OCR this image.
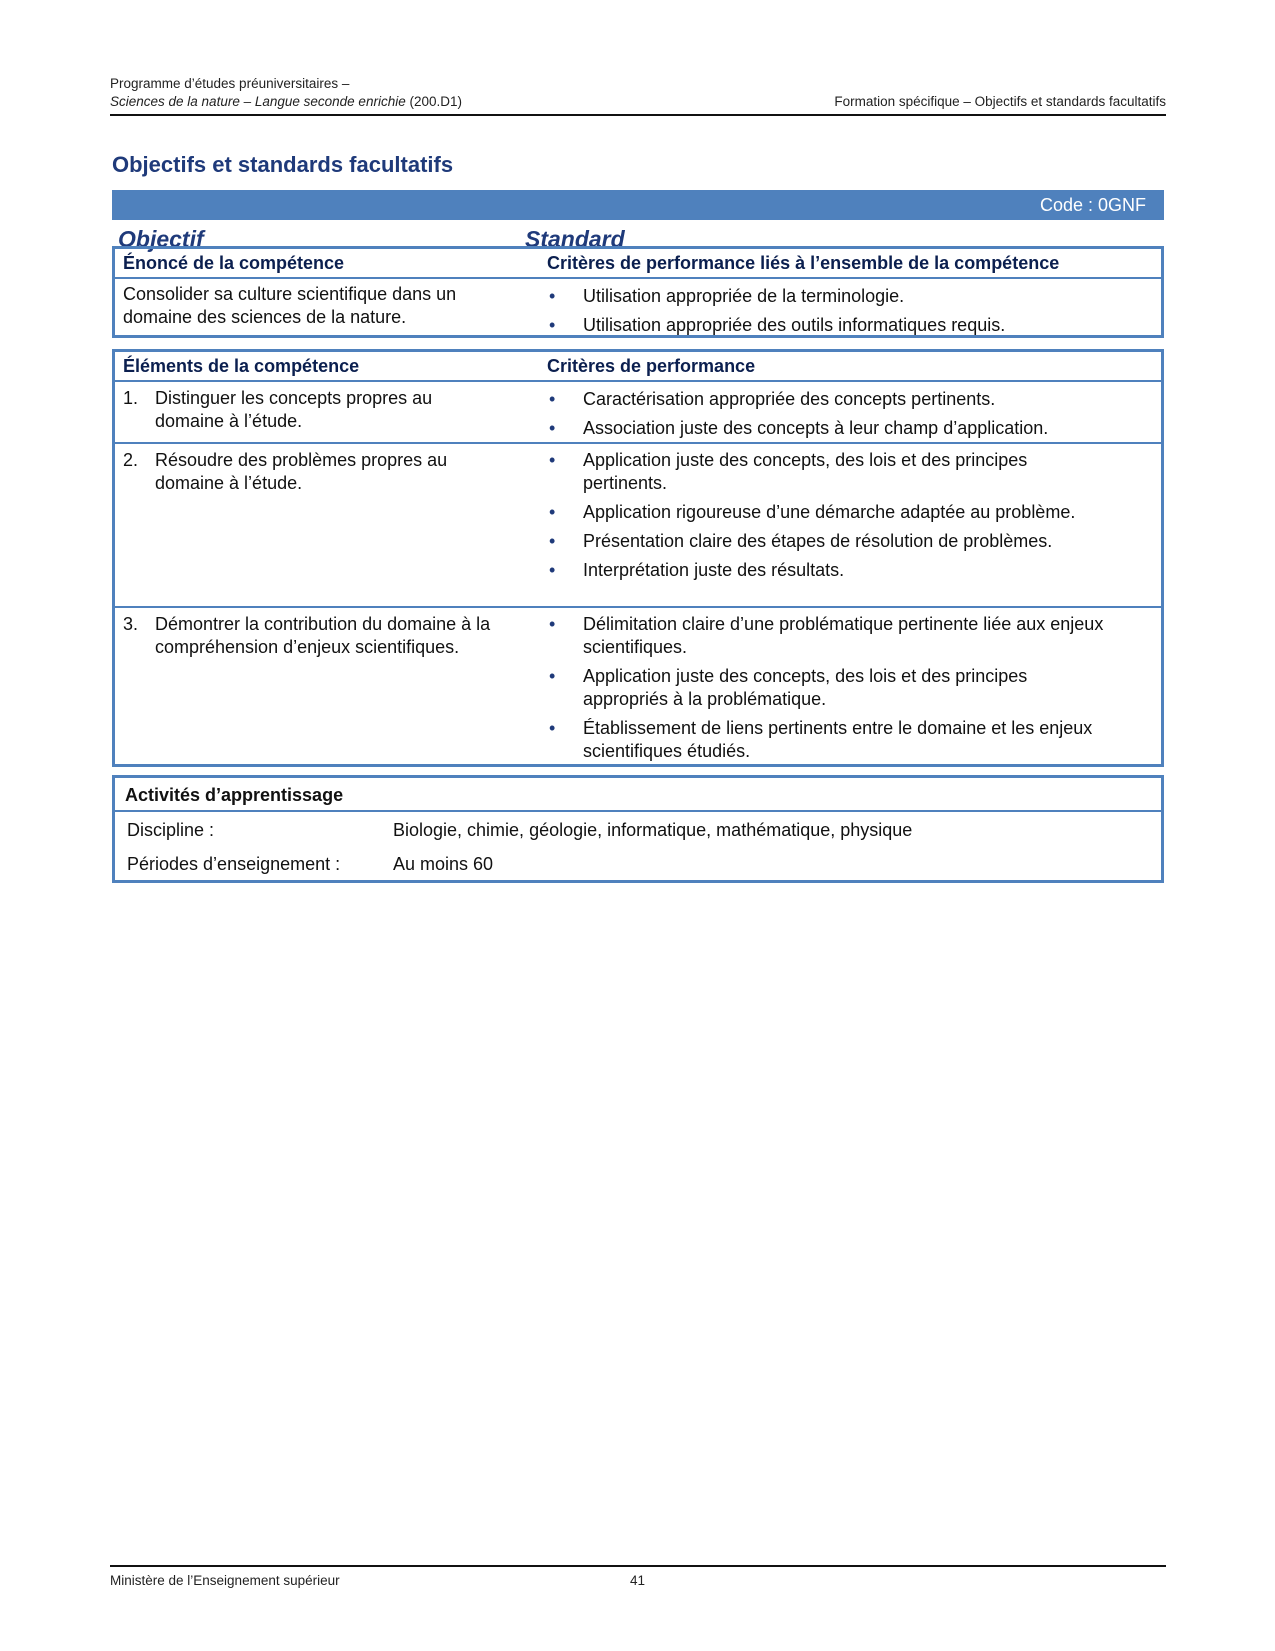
Programme d’études préuniversitaires –
Sciences de la nature – Langue seconde enrichie (200.D1)	Formation spécifique – Objectifs et standards facultatifs
Objectifs et standards facultatifs
Code : 0GNF
Objectif	Standard
Énoncé de la compétence	Critères de performance liés à l’ensemble de la compétence
Consolider sa culture scientifique dans un domaine des sciences de la nature.
• Utilisation appropriée de la terminologie.
• Utilisation appropriée des outils informatiques requis.
Éléments de la compétence	Critères de performance
1. Distinguer les concepts propres au domaine à l’étude.
• Caractérisation appropriée des concepts pertinents.
• Association juste des concepts à leur champ d’application.
2. Résoudre des problèmes propres au domaine à l’étude.
• Application juste des concepts, des lois et des principes pertinents.
• Application rigoureuse d’une démarche adaptée au problème.
• Présentation claire des étapes de résolution de problèmes.
• Interprétation juste des résultats.
3. Démontrer la contribution du domaine à la compréhension d’enjeux scientifiques.
• Délimitation claire d’une problématique pertinente liée aux enjeux scientifiques.
• Application juste des concepts, des lois et des principes appropriés à la problématique.
• Établissement de liens pertinents entre le domaine et les enjeux scientifiques étudiés.
Activités d’apprentissage
Discipline :	Biologie, chimie, géologie, informatique, mathématique, physique
Périodes d’enseignement :	Au moins 60
Ministère de l’Enseignement supérieur	41
